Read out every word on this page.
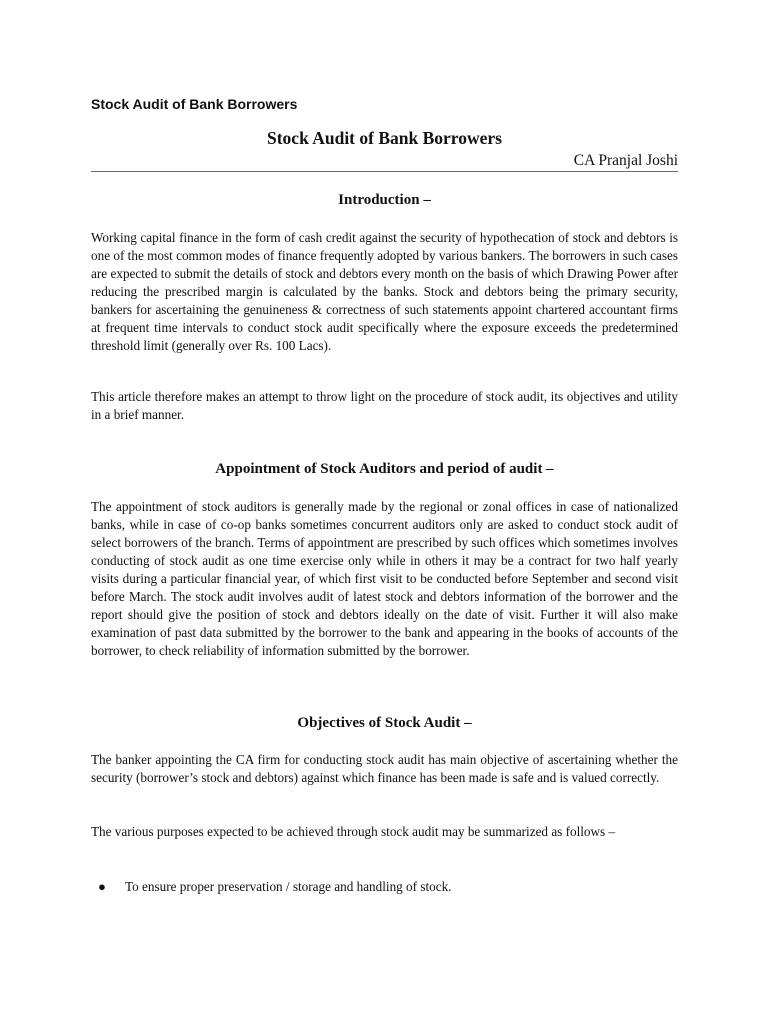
Stock Audit of Bank Borrowers
Stock Audit of Bank Borrowers
CA Pranjal Joshi
Introduction –

Working capital finance in the form of cash credit against the security of hypothecation of stock and debtors is one of the most common modes of finance frequently adopted by various bankers. The borrowers in such cases are expected to submit the details of stock and debtors every month on the basis of which Drawing Power after reducing the prescribed margin is calculated by the banks. Stock and debtors being the primary security, bankers for ascertaining the genuineness & correctness of such statements appoint chartered accountant firms at frequent time intervals to conduct stock audit specifically where the exposure exceeds the predetermined threshold limit (generally over Rs. 100 Lacs).

This article therefore makes an attempt to throw light on the procedure of stock audit, its objectives and utility in a brief manner.

Appointment of Stock Auditors and period of audit –

The appointment of stock auditors is generally made by the regional or zonal offices in case of nationalized banks, while in case of co-op banks sometimes concurrent auditors only are asked to conduct stock audit of select borrowers of the branch. Terms of appointment are prescribed by such offices which sometimes involves conducting of stock audit as one time exercise only while in others it may be a contract for two half yearly visits during a particular financial year, of which first visit to be conducted before September and second visit before March. The stock audit involves audit of latest stock and debtors information of the borrower and the report should give the position of stock and debtors ideally on the date of visit. Further it will also make examination of past data submitted by the borrower to the bank and appearing in the books of accounts of the borrower, to check reliability of information submitted by the borrower.

Objectives of Stock Audit –

The banker appointing the CA firm for conducting stock audit has main objective of ascertaining whether the security (borrower’s stock and debtors) against which finance has been made is safe and is valued correctly.

The various purposes expected to be achieved through stock audit may be summarized as follows –

● To ensure proper preservation / storage and handling of stock.
